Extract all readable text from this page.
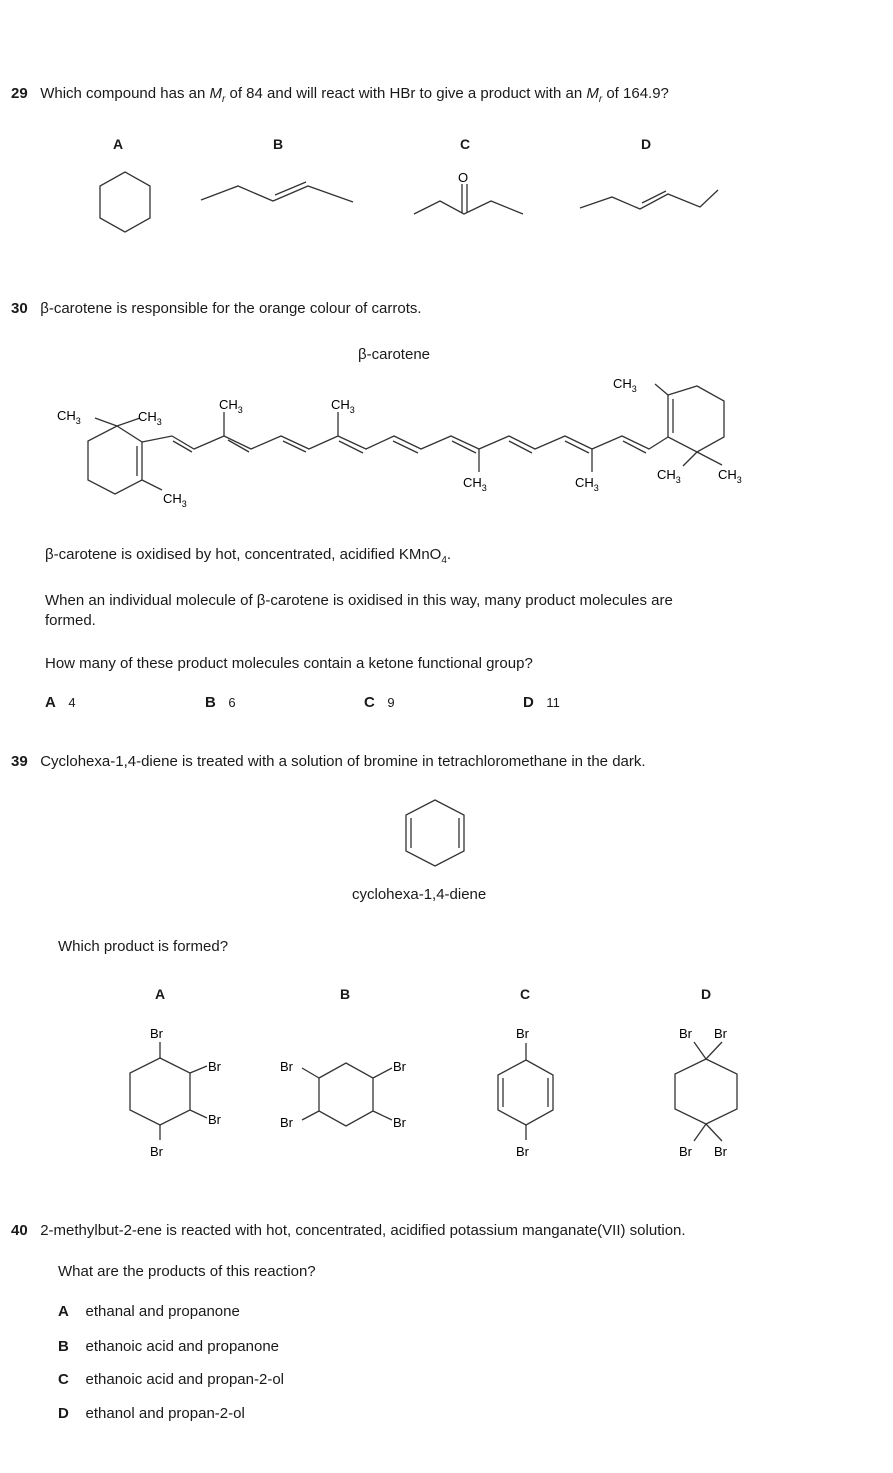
29 Which compound has an $M_r$ of 84 and will react with HBr to give a product with an $M_r$ of 164.9?
A	B	C	D
O
30 β-carotene is responsible for the orange colour of carrots.
β-carotene
$CH_3$	$CH_3$
$CH_3$	$CH_3$
$CH_3$
$CH_3$	$CH_3$
$CH_3$
$CH_3$	$CH_3$
β-carotene is oxidised by hot, concentrated, acidified KMnO$_4$.
When an individual molecule of β-carotene is oxidised in this way, many product molecules are
formed.
How many of these product molecules contain a ketone functional group?
A 4	B 6	C 9	D 11
39 Cyclohexa-1,4-diene is treated with a solution of bromine in tetrachloromethane in the dark.
cyclohexa-1,4-diene
Which product is formed?
A	B	C	D
Br
Br
Br
Br
Br	Br
Br	Br
Br
Br
Br Br
Br Br
40 2-methylbut-2-ene is reacted with hot, concentrated, acidified potassium manganate(VII) solution.
What are the products of this reaction?
A ethanal and propanone
B ethanoic acid and propanone
C ethanoic acid and propan-2-ol
D ethanol and propan-2-ol
